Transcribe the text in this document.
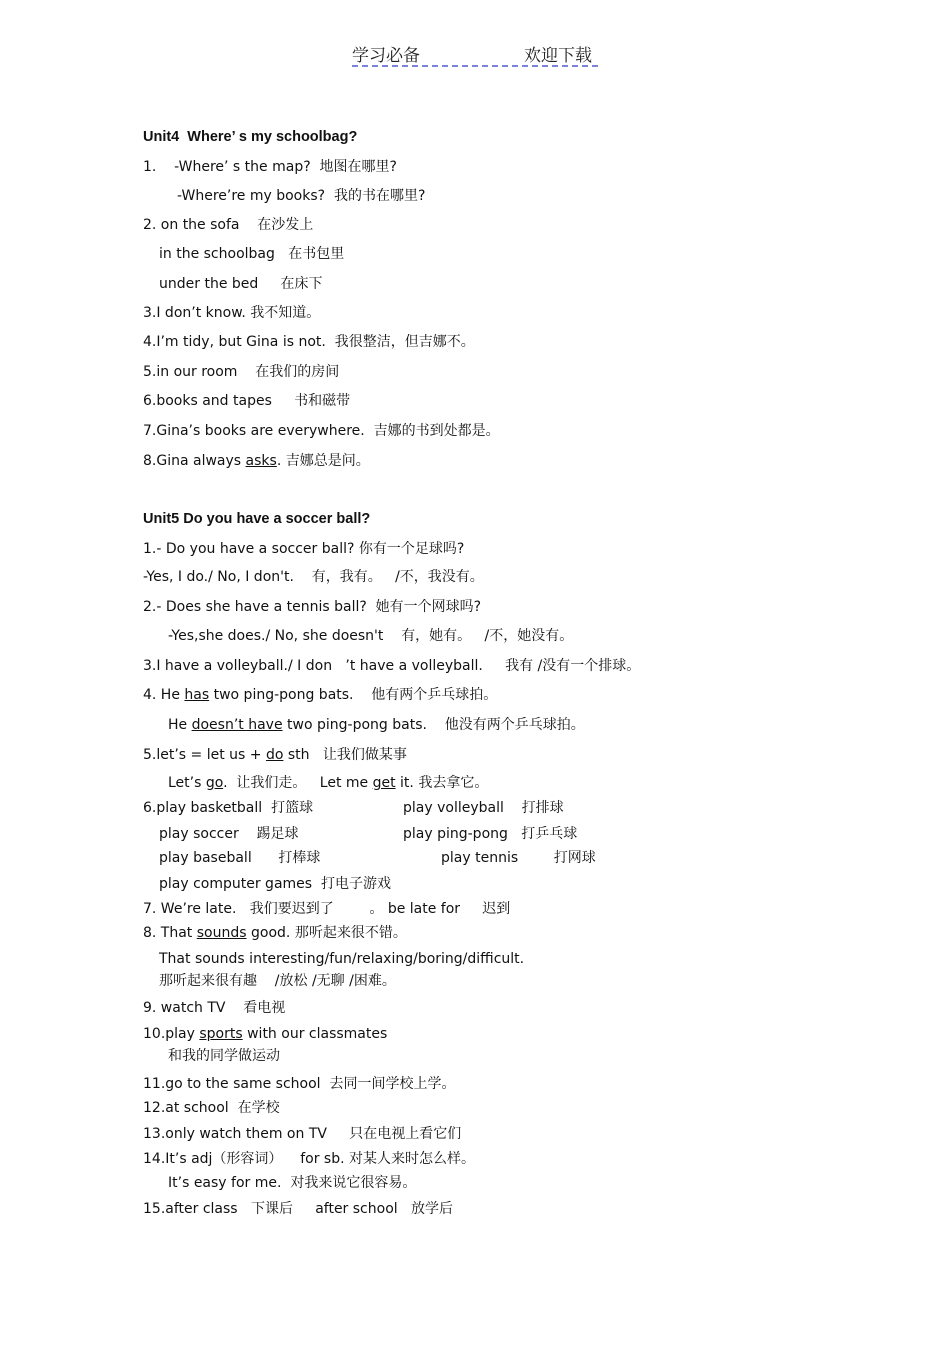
学习必备	欢迎下载
Unit4  Where’ s my schoolbag?
1.    -Where’ s the map?  地图在哪里?
-Where’re my books?  我的书在哪里?
2. on the sofa    在沙发上
in the schoolbag   在书包里
under the bed     在床下
3.I don’t know. 我不知道。
4.I’m tidy, but Gina is not.  我很整洁，但吉娜不。
5.in our room    在我们的房间
6.books and tapes     书和磁带
7.Gina’s books are everywhere.  吉娜的书到处都是。
8.Gina always asks. 吉娜总是问。
Unit5 Do you have a soccer ball?
1.- Do you have a soccer ball? 你有一个足球吗?
-Yes, I do./ No, I don't.    有，我有。   /不，我没有。
2.- Does she have a tennis ball?  她有一个网球吗?
-Yes,she does./ No, she doesn't    有，她有。   /不，她没有。
3.I have a volleyball./ I don   ’t have a volleyball.     我有 /没有一个排球。
4. He has two ping-pong bats.    他有两个乒乓球拍。
He doesn’t have two ping-pong bats.    他没有两个乒乓球拍。
5.let’s = let us + do sth   让我们做某事
Let’s go.  让我们走。   Let me get it. 我去拿它。
6.play basketball  打篮球	play volleyball    打排球
play soccer    踢足球	play ping-pong   打乒乓球
play baseball      打棒球	play tennis        打网球
play computer games  打电子游戏
7. We’re late.   我们要迟到了        。 be late for     迟到
8. That sounds good. 那听起来很不错。
That sounds interesting/fun/relaxing/boring/difficult.
那听起来很有趣    /放松 /无聊 /困难。
9. watch TV    看电视
10.play sports with our classmates
和我的同学做运动
11.go to the same school  去同一间学校上学。
12.at school  在学校
13.only watch them on TV     只在电视上看它们
14.It’s adj（形容词）    for sb. 对某人来时怎么样。
It’s easy for me.  对我来说它很容易。
15.after class   下课后     after school   放学后
